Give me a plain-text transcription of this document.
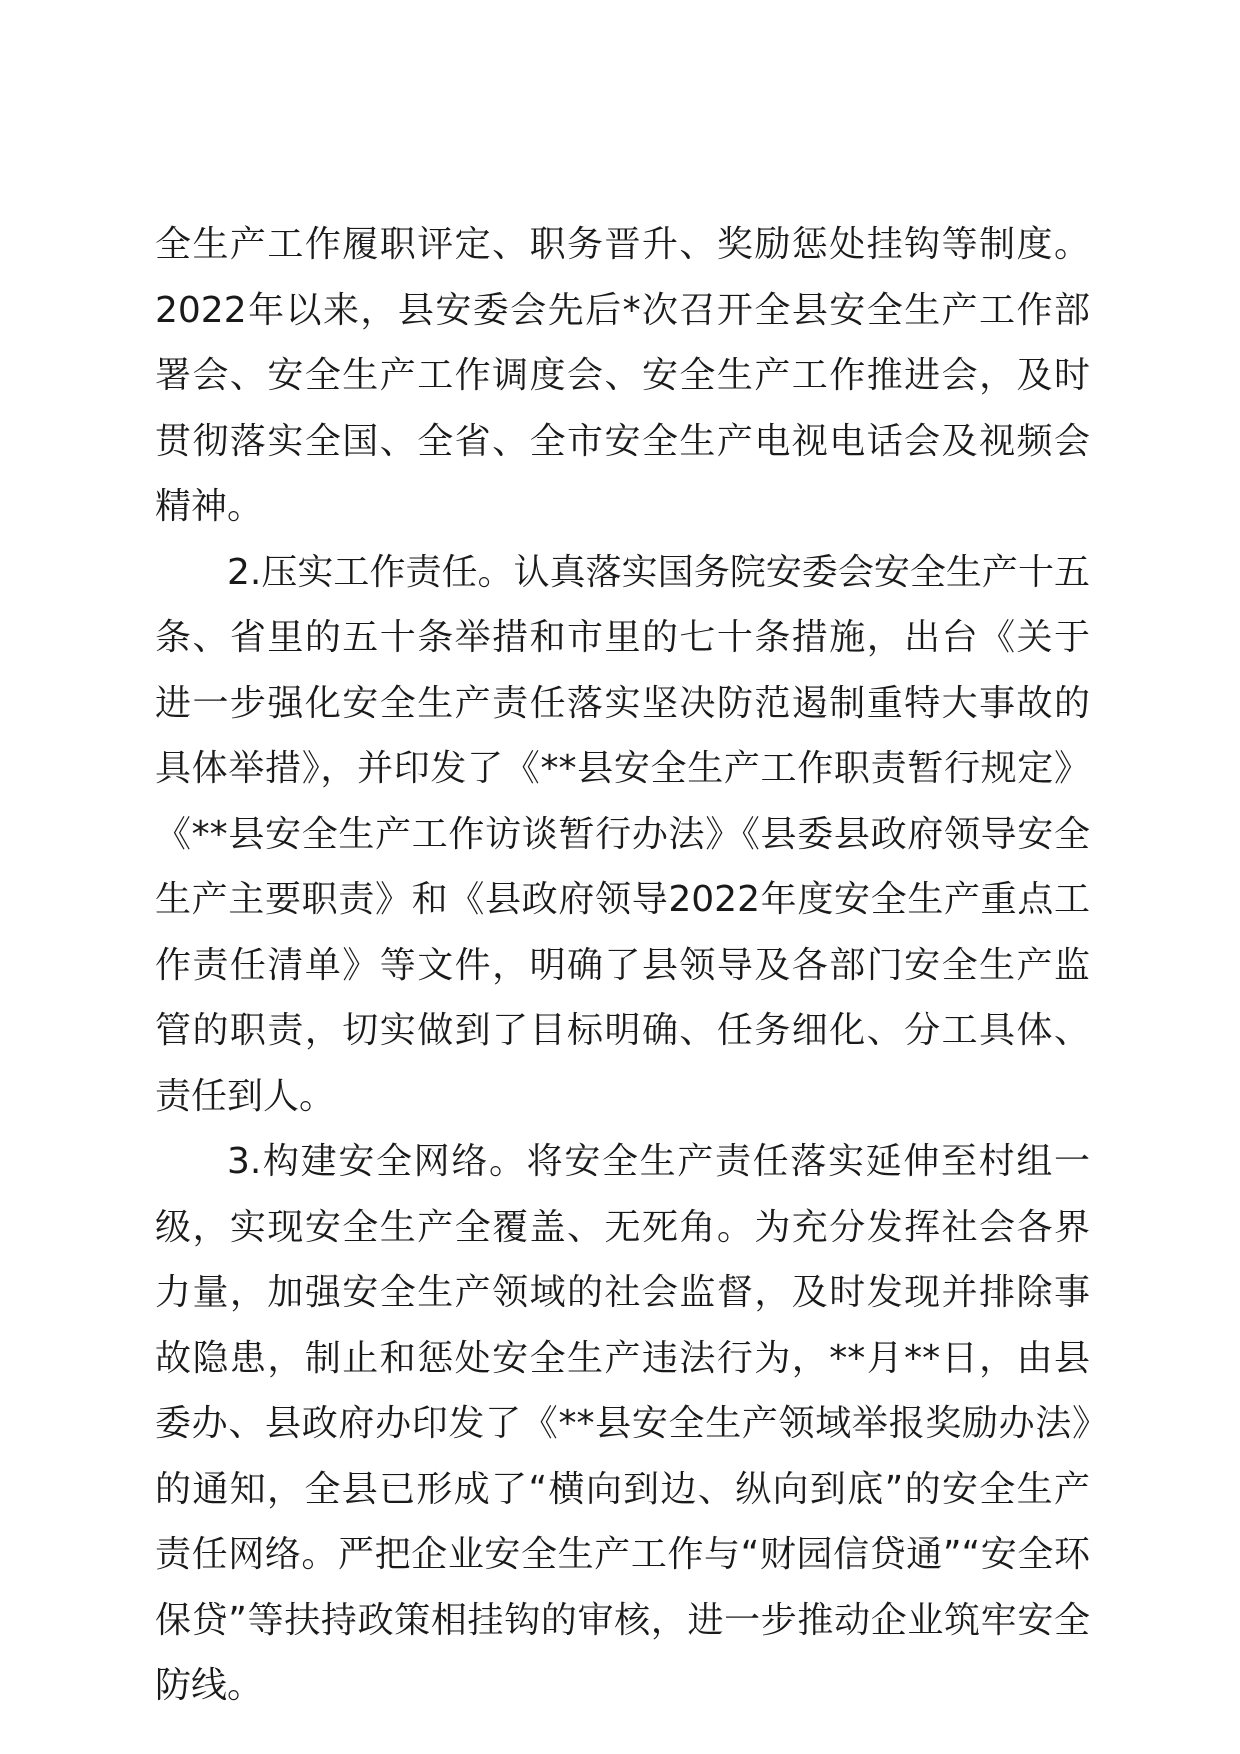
全生产工作履职评定、职务晋升、奖励惩处挂钩等制度。2022年以来，县安委会先后*次召开全县安全生产工作部署会、安全生产工作调度会、安全生产工作推进会，及时贯彻落实全国、全省、全市安全生产电视电话会及视频会精神。

2.压实工作责任。认真落实国务院安委会安全生产十五条、省里的五十条举措和市里的七十条措施，出台《关于进一步强化安全生产责任落实坚决防范遏制重特大事故的具体举措》，并印发了《**县安全生产工作职责暂行规定》《**县安全生产工作访谈暂行办法》《县委县政府领导安全生产主要职责》和《县政府领导2022年度安全生产重点工作责任清单》等文件，明确了县领导及各部门安全生产监管的职责，切实做到了目标明确、任务细化、分工具体、责任到人。

3.构建安全网络。将安全生产责任落实延伸至村组一级，实现安全生产全覆盖、无死角。为充分发挥社会各界力量，加强安全生产领域的社会监督，及时发现并排除事故隐患，制止和惩处安全生产违法行为，**月**日，由县委办、县政府办印发了《**县安全生产领域举报奖励办法》的通知，全县已形成了“横向到边、纵向到底”的安全生产责任网络。严把企业安全生产工作与“财园信贷通”“安全环保贷”等扶持政策相挂钩的审核，进一步推动企业筑牢安全防线。
